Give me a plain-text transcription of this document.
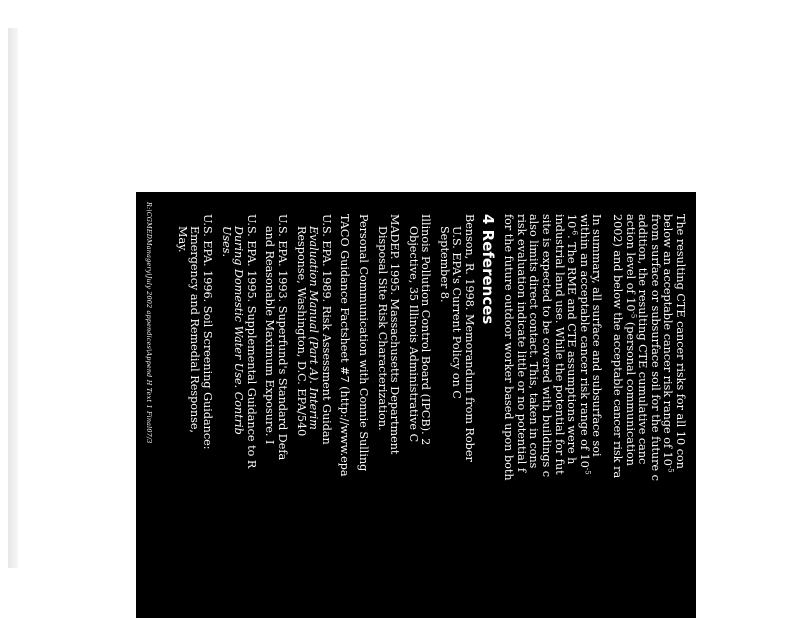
The resulting CTE cancer risks for all 10 con
below an acceptable cancer risk range of $10^{-5}$
from surface or subsurface soil for the future c
addition, the resulting CTE cumulative canc
action level of $10^{-5}$ (personal communication
2002) and below the acceptable cancer risk ra

In summary, all surface and subsurface soi
within an acceptable cancer risk range of $10^{-5}$
$10^{-6}$. The RME and CTE assumptions were h
industrial land use. While the potential for fut
site is expected to be covered with buildings c
also limits direct contact. This, taken in cons
risk evaluation indicate little or no potential f
for the future outdoor worker based upon both

4 References
Benson, R. 1998. Memorandum from Rober
U.S. EPA's Current Policy on C
September 8.
Illinois Pollution Control Board (IPCB). 2
Objective, 35 Illinois Administrative C
MADEP. 1995. Massachusetts Department
Disposal Site Risk Characterization.
Personal Communication with Connie Sulling
TACO Guidance Factsheet #7 (http://www.epa
U.S. EPA. 1989. Risk Assessment Guidan
Evaluation Manual (Part A). Interim
Response, Washington, D.C. EPA/540
U.S. EPA. 1993. Superfund's Standard Defa
and Reasonable Maximum Exposure. I
U.S. EPA. 1995. Supplemental Guidance to R
During Domestic Water Use. Contrib
Uses.
U.S. EPA. 1996. Soil Screening Guidance:
Emergency and Remedial Response,
May.
R:\CGMEDManagery\July 2002 appendices\Append H Text 1 Final07/3
